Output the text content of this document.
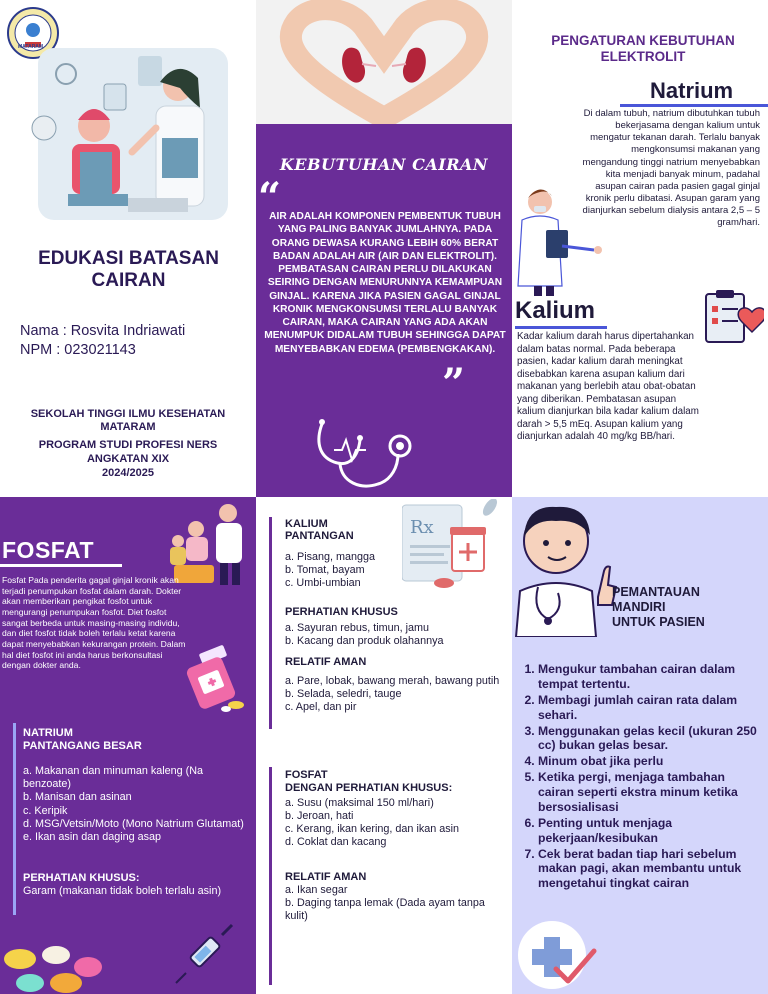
MATARAM
EDUKASI BATASAN CAIRAN
Nama : Rosvita Indriawati
NPM : 023021143
SEKOLAH TINGGI ILMU KESEHATAN MATARAM
PROGRAM STUDI PROFESI NERS
ANGKATAN XIX
2024/2025
KEBUTUHAN CAIRAN
“
AIR ADALAH KOMPONEN PEMBENTUK TUBUH YANG PALING BANYAK JUMLAHNYA. PADA ORANG DEWASA KURANG LEBIH 60% BERAT BADAN ADALAH AIR (AIR DAN ELEKTROLIT). PEMBATASAN CAIRAN PERLU DILAKUKAN SEIRING DENGAN MENURUNNYA KEMAMPUAN GINJAL. KARENA JIKA PASIEN GAGAL GINJAL KRONIK MENGKONSUMSI TERLALU BANYAK CAIRAN, MAKA CAIRAN YANG ADA AKAN MENUMPUK DIDALAM TUBUH SEHINGGA DAPAT MENYEBABKAN EDEMA (PEMBENGKAKAN).
”
PENGATURAN KEBUTUHAN ELEKTROLIT
Natrium
Di dalam tubuh, natrium dibutuhkan tubuh bekerjasama dengan kalium untuk mengatur tekanan darah. Terlalu banyak mengkonsumsi makanan yang mengandung tinggi natrium menyebabkan kita menjadi banyak minum, padahal asupan cairan pada pasien gagal ginjal kronik perlu dibatasi. Asupan garam yang dianjurkan sebelum dialysis antara 2,5 – 5 gram/hari.
Kalium
Kadar kalium darah harus dipertahankan dalam batas normal. Pada beberapa pasien, kadar kalium darah meningkat disebabkan karena asupan kalium dari makanan yang berlebih atau obat-obatan yang diberikan. Pembatasan asupan kalium dianjurkan bila kadar kalium dalam darah > 5,5 mEq. Asupan kalium yang dianjurkan adalah 40 mg/kg BB/hari.
FOSFAT
Fosfat Pada penderita gagal ginjal kronik akan terjadi penumpukan fosfat dalam darah. Dokter akan memberikan pengikat fosfot untuk mengurangi penumpukan fosfot. Diet fosfot sangat berbeda untuk masing-masing individu, dan diet fosfot tidak boleh terlalu ketat karena dapat menyebabkan kekurangan protein. Dalam hal diet fosfot ini anda harus berkonsultasi dengan dokter anda.
NATRIUM
PANTANGANG BESAR
a. Makanan dan minuman kaleng (Na benzoate)
b. Manisan dan asinan
c. Keripik
d. MSG/Vetsin/Moto (Mono Natrium Glutamat)
e. Ikan asin dan daging asap
PERHATIAN KHUSUS:
Garam (makanan tidak boleh terlalu asin)
KALIUM
PANTANGAN
a. Pisang, mangga
b. Tomat, bayam
c. Umbi-umbian
Rx
PERHATIAN KHUSUS
a. Sayuran rebus, timun, jamu
b. Kacang dan produk olahannya
RELATIF AMAN
a. Pare, lobak, bawang merah, bawang putih
b. Selada, seledri, tauge
c. Apel, dan pir
FOSFAT
DENGAN PERHATIAN KHUSUS:
a. Susu (maksimal 150 ml/hari)
b. Jeroan, hati
c. Kerang, ikan kering, dan ikan asin
d. Coklat dan kacang
RELATIF AMAN
a. Ikan segar
b. Daging tanpa lemak (Dada ayam tanpa kulit)
PEMANTAUAN
MANDIRI
UNTUK PASIEN
1. Mengukur tambahan cairan dalam tempat tertentu.
2. Membagi jumlah cairan rata dalam sehari.
3. Menggunakan gelas kecil (ukuran 250 cc) bukan gelas besar.
4. Minum obat jika perlu
5. Ketika pergi, menjaga tambahan cairan seperti ekstra minum ketika bersosialisasi
6. Penting untuk menjaga pekerjaan/kesibukan
7. Cek berat badan tiap hari sebelum makan pagi, akan membantu untuk mengetahui tingkat cairan
